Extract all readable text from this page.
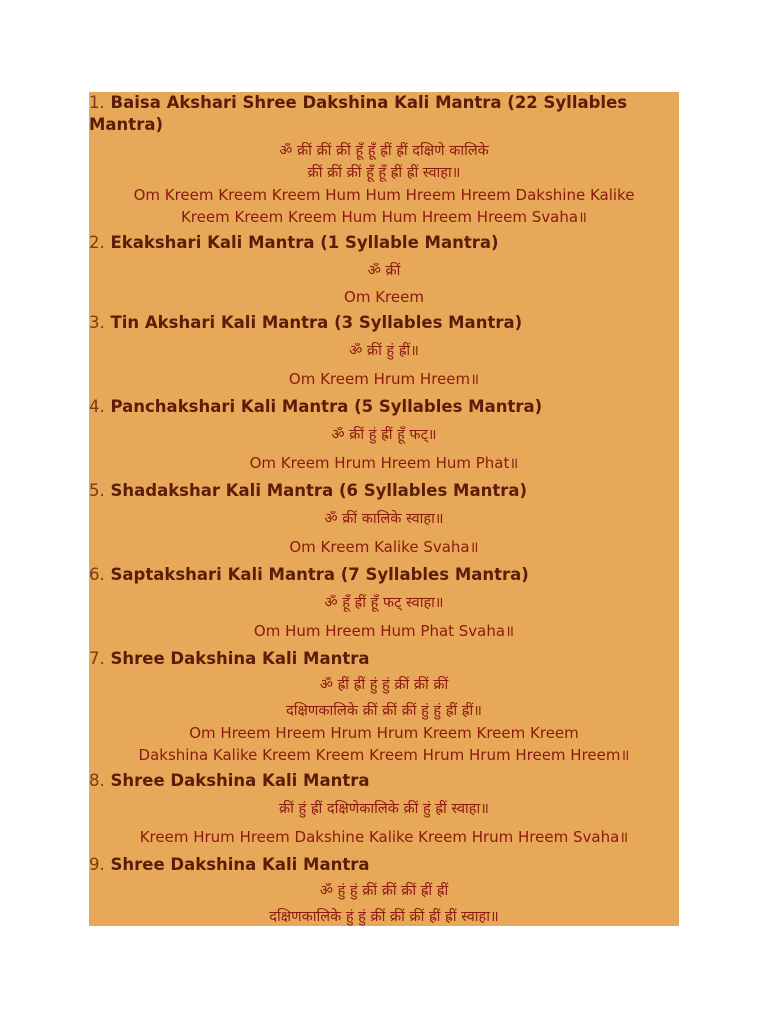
1. Baisa Akshari Shree Dakshina Kali Mantra (22 Syllables Mantra)

ॐ क्रीं क्रीं क्रीं हूँ हूँ ह्रीं ह्रीं दक्षिणे कालिके

क्रीं क्रीं क्रीं हूँ हूँ ह्रीं ह्रीं स्वाहा॥

Om Kreem Kreem Kreem Hum Hum Hreem Hreem Dakshine Kalike

Kreem Kreem Kreem Hum Hum Hreem Hreem Svaha॥

2. Ekakshari Kali Mantra (1 Syllable Mantra)

ॐ क्रीं

Om Kreem

3. Tin Akshari Kali Mantra (3 Syllables Mantra)

ॐ क्रीं हुं ह्रीं॥

Om Kreem Hrum Hreem॥

4. Panchakshari Kali Mantra (5 Syllables Mantra)

ॐ क्रीं हुं ह्रीं हूँ फट्॥

Om Kreem Hrum Hreem Hum Phat॥

5. Shadakshar Kali Mantra (6 Syllables Mantra)

ॐ क्रीं कालिके स्वाहा॥

Om Kreem Kalike Svaha॥

6. Saptakshari Kali Mantra (7 Syllables Mantra)

ॐ हूँ ह्रीं हूँ फट् स्वाहा॥

Om Hum Hreem Hum Phat Svaha॥

7. Shree Dakshina Kali Mantra

ॐ ह्रीं ह्रीं हुं हुं क्रीं क्रीं क्रीं

दक्षिणकालिके क्रीं क्रीं क्रीं हुं हुं ह्रीं ह्रीं॥

Om Hreem Hreem Hrum Hrum Kreem Kreem Kreem

Dakshina Kalike Kreem Kreem Kreem Hrum Hrum Hreem Hreem॥

8. Shree Dakshina Kali Mantra

क्रीं हुं ह्रीं दक्षिणेकालिके क्रीं हुं ह्रीं स्वाहा॥

Kreem Hrum Hreem Dakshine Kalike Kreem Hrum Hreem Svaha॥

9. Shree Dakshina Kali Mantra

ॐ हुं हुं क्रीं क्रीं क्रीं ह्रीं ह्रीं

दक्षिणकालिके हुं हुं क्रीं क्रीं क्रीं ह्रीं ह्रीं स्वाहा॥
